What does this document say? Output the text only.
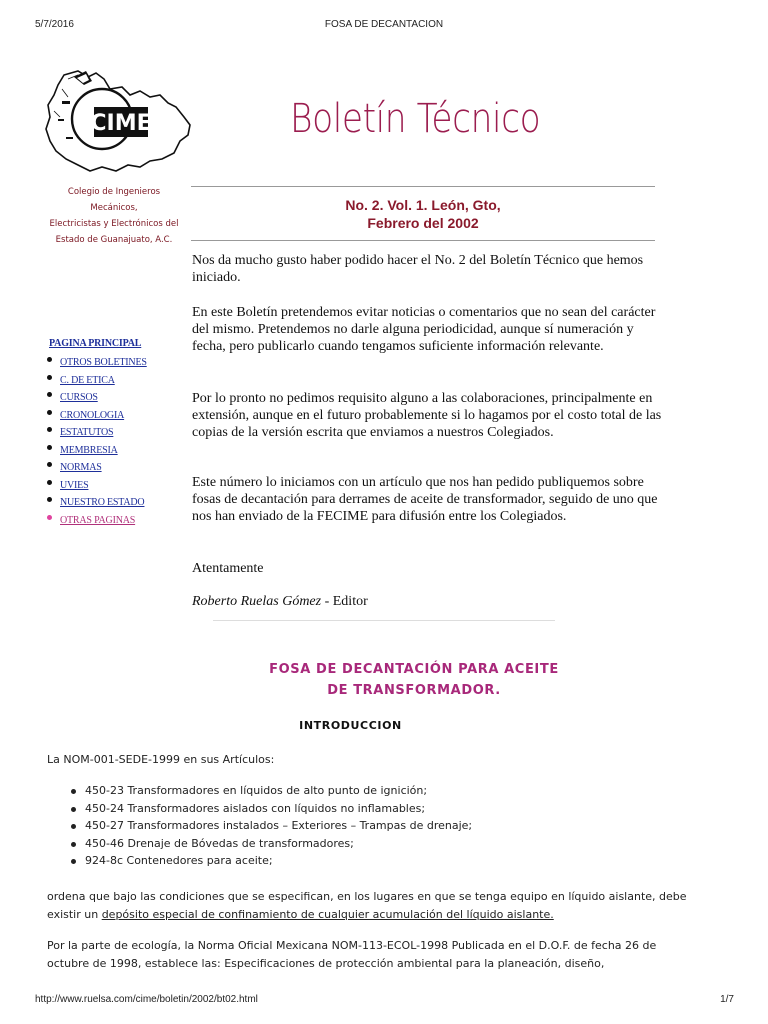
5/7/2016	FOSA DE DECANTACION
CIME
Colegio de Ingenieros
Mecánicos,
Electricistas y Electrónicos del
Estado de Guanajuato, A.C.
PAGINA PRINCIPAL
OTROS BOLETINES
C. DE ETICA
CURSOS
CRONOLOGIA
ESTATUTOS
MEMBRESIA
NORMAS
UVIES
NUESTRO ESTADO
OTRAS PAGINAS
Boletín Técnico
No. 2. Vol. 1. León, Gto,
Febrero del 2002

Nos da mucho gusto haber podido hacer el No. 2 del Boletín Técnico que hemos iniciado.

En este Boletín pretendemos evitar noticias o comentarios que no sean del carácter del mismo. Pretendemos no darle alguna periodicidad, aunque sí numeración y fecha, pero publicarlo cuando tengamos suficiente información relevante.

Por lo pronto no pedimos requisito alguno a las colaboraciones, principalmente en extensión, aunque en el futuro probablemente si lo hagamos por el costo total de las copias de la versión escrita que enviamos a nuestros Colegiados.

Este número lo iniciamos con un artículo que nos han pedido publiquemos sobre fosas de decantación para derrames de aceite de transformador, seguido de uno que nos han enviado de la FECIME para difusión entre los Colegiados.

Atentamente

Roberto Ruelas Gómez - Editor

FOSA DE DECANTACIÓN PARA ACEITE
DE TRANSFORMADOR.
INTRODUCCION
La NOM-001-SEDE-1999 en sus Artículos:
450-23 Transformadores en líquidos de alto punto de ignición;
450-24 Transformadores aislados con líquidos no inflamables;
450-27 Transformadores instalados – Exteriores – Trampas de drenaje;
450-46 Drenaje de Bóvedas de transformadores;
924-8c Contenedores para aceite;

ordena que bajo las condiciones que se especifican, en los lugares en que se tenga equipo en líquido aislante, debe existir un depósito especial de confinamiento de cualquier acumulación del líquido aislante.

Por la parte de ecología, la Norma Oficial Mexicana NOM-113-ECOL-1998 Publicada en el D.O.F. de fecha 26 de octubre de 1998, establece las: Especificaciones de protección ambiental para la planeación, diseño,

http://www.ruelsa.com/cime/boletin/2002/bt02.html	1/7
